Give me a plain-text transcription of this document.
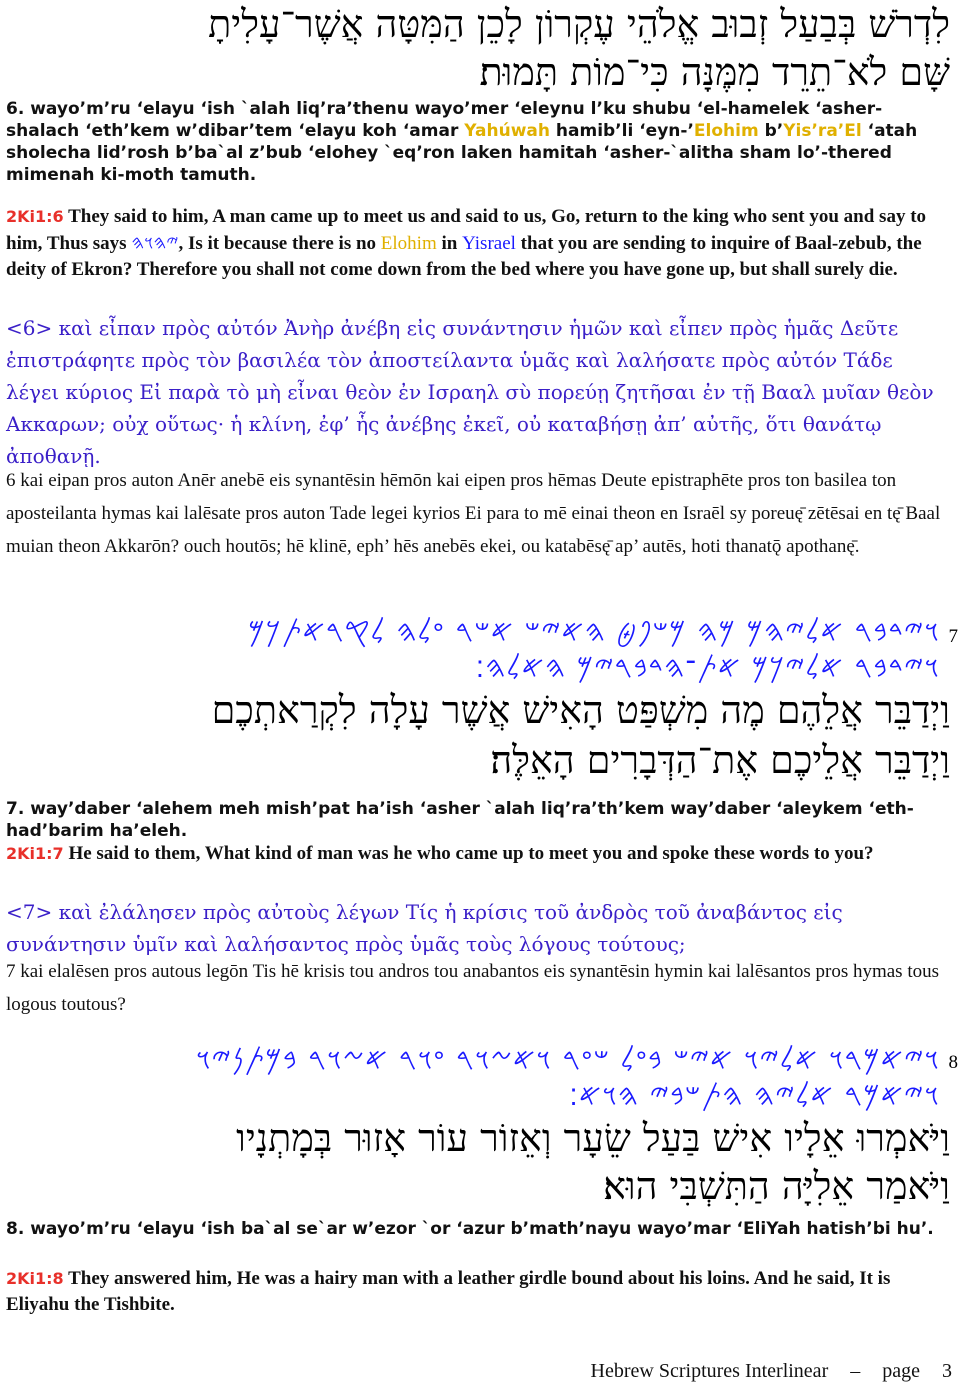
לִדְרֹשׁ בְּבַעַל זְבוּב אֱלֹהֵי עֶקְרוֹן לָכֵן הַמִּטָּה אֲשֶׁר־עָלִיתָ
שָּׁם לֹא־תֵרֵד מִמֶּנָּה כִּי־מוֹת תָּמוּת׃
6. wayo’m’ru ‘elayu ‘ish `alah liq’ra’thenu wayo’mer ‘eleynu l’ku shubu ‘el-hamelek ‘asher-shalach ‘eth’kem w’dibar’tem ‘elayu koh ‘amar Yahúwah hamib’li ‘eyn-’Elohim b’Yis’ra’El ‘atah sholecha lid’rosh b’ba`al z’bub ‘elohey `eq’ron laken hamitah ‘asher-`alitha sham lo’-thered mimenah ki-moth tamuth.
2Ki1:6 They said to him, A man came up to meet us and said to us, Go, return to the king who sent you and say to him, Thus says 𐤉𐤄𐤅𐤄, Is it because there is no Elohim in Yisrael that you are sending to inquire of Baal-zebub, the deity of Ekron? Therefore you shall not come down from the bed where you have gone up, but shall surely die.
<6> καὶ εἶπαν πρὸς αὐτόν Ἀνὴρ ἀνέβη εἰς συνάντησιν ἡμῶν καὶ εἶπεν πρὸς ἡμᾶς Δεῦτε ἐπιστράφητε πρὸς τὸν βασιλέα τὸν ἀποστείλαντα ὑμᾶς καὶ λαλήσατε πρὸς αὐτόν Τάδε λέγει κύριος Εἰ παρὰ τὸ μὴ εἶναι θεὸν ἐν Ισραηλ σὺ πορεύῃ ζητῆσαι ἐν τῇ Βααλ μυῖαν θεὸν Ακκαρων; οὐχ οὕτως· ἡ κλίνη, ἐφ’ ἧς ἀνέβης ἐκεῖ, οὐ καταβήσῃ ἀπ’ αὐτῆς, ὅτι θανάτῳ ἀποθανῇ.
6 kai eipan pros auton Anēr anebē eis synantēsin hēmōn kai eipen pros hēmas Deute epistraphēte pros ton basilea ton aposteilanta hymas kai lalēsate pros auton Tade legei kyrios Ei para to mē einai theon en Israēl sy poreuę̄ zētēsai en tę̄ Baal muian theon Akkarōn? ouch houtōs; hē klinē, eph’ hēs anebēs ekei, ou katabēsę̄ ap’ autēs, hoti thanatǭ apothanę̄.
𐤅𐤉𐤃𐤁𐤓 𐤀𐤋𐤉𐤄𐤌 𐤌𐤄 𐤌𐤔𐤐𐤈 𐤄𐤀𐤉𐤔 𐤀𐤔𐤓 𐤏𐤋𐤄 𐤋𐤒𐤓𐤀𐤕𐤊𐤌 7
𐤅𐤉𐤃𐤁𐤓 𐤀𐤋𐤉𐤊𐤌 𐤀𐤕־𐤄𐤃𐤁𐤓𐤉𐤌 𐤄𐤀𐤋𐤄׃
וַיְדַבֵּר אֲלֵהֶם מֶה מִשְׁפַּט הָאִישׁ אֲשֶׁר עָלָה לִקְרַאתְכֶם
וַיְדַבֵּר אֲלֵיכֶם אֶת־הַדְּבָרִים הָאֵלֶּה׃
7. way’daber ‘alehem meh mish’pat ha’ish ‘asher `alah liq’ra’th’kem way’daber ‘aleykem ‘eth-had’barim ha’eleh.
2Ki1:7 He said to them, What kind of man was he who came up to meet you and spoke these words to you?
<7> καὶ ἐλάλησεν πρὸς αὐτοὺς λέγων Τίς ἡ κρίσις τοῦ ἀνδρὸς τοῦ ἀναβάντος εἰς συνάντησιν ὑμῖν καὶ λαλήσαντος πρὸς ὑμᾶς τοὺς λόγους τούτους;
7 kai elalēsen pros autous legōn Tis hē krisis tou andros tou anabantos eis synantēsin hymin kai lalēsantos pros hymas tous logous toutous?
𐤅𐤉𐤀𐤌𐤓𐤅 𐤀𐤋𐤉𐤅 𐤀𐤉𐤔 𐤁𐤏𐤋 𐤔𐤏𐤓 𐤅𐤀𐤆𐤅𐤓 𐤏𐤅𐤓 𐤀𐤆𐤅𐤓 𐤁𐤌𐤕𐤍𐤉𐤅 8
𐤅𐤉𐤀𐤌𐤓 𐤀𐤋𐤉𐤄 𐤄𐤕𐤔𐤁𐤉 𐤄𐤅𐤀׃
וַיֹּאמְרוּ אֵלָיו אִישׁ בַּעַל שֵׂעָר וְאֵזוֹר עוֹר אָזוּר בְּמָתְנָיו
וַיֹּאמַר אֵלִיָּה הַתִּשְׁבִּי הוּא׃
8. wayo’m’ru ‘elayu ‘ish ba`al se`ar w’ezor `or ‘azur b’math’nayu wayo’mar ‘EliYah hatish’bi hu’.
2Ki1:8 They answered him, He was a hairy man with a leather girdle bound about his loins. And he said, It is Eliyahu the Tishbite.
Hebrew Scriptures Interlinear – page 3
